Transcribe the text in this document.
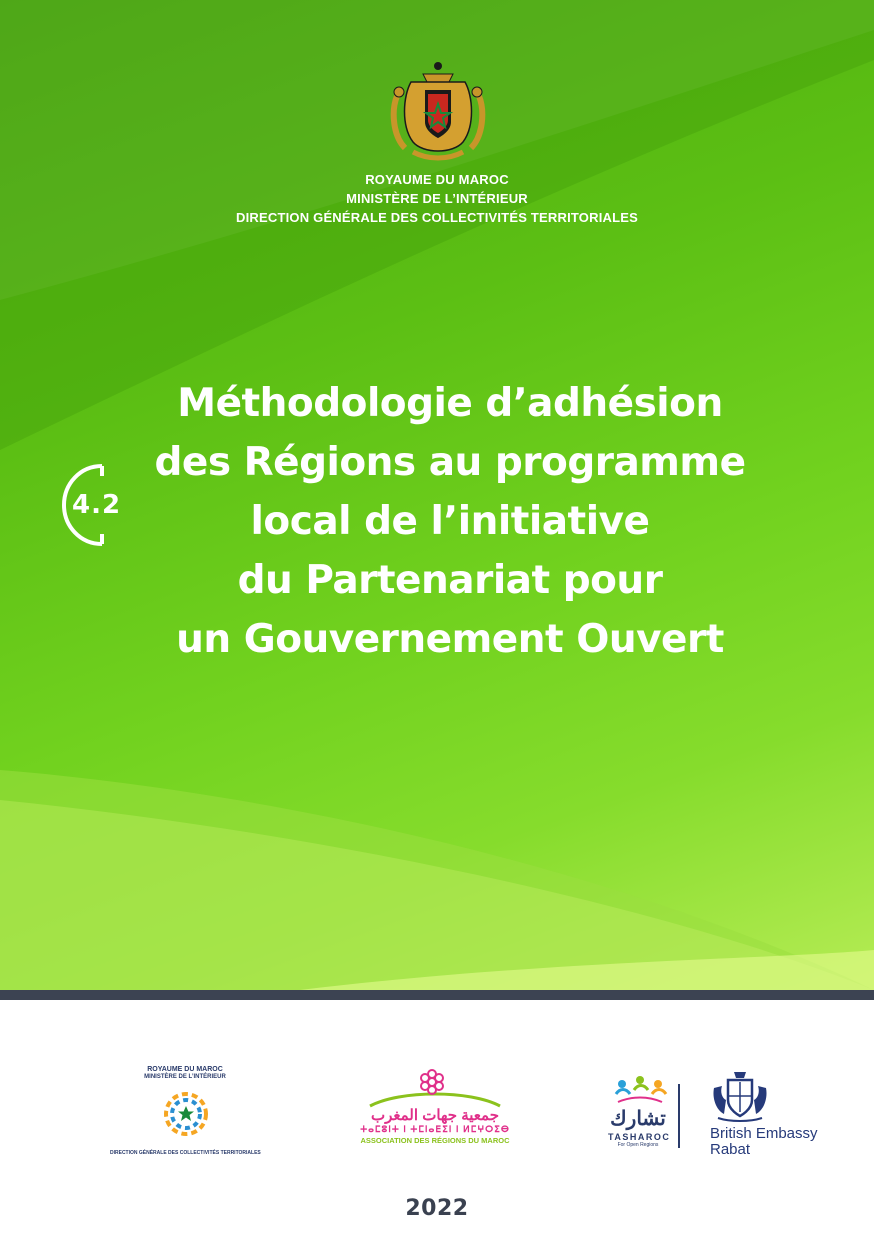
ROYAUME DU MAROC
MINISTÈRE DE L’INTÉRIEUR
DIRECTION GÉNÉRALE DES COLLECTIVITÉS TERRITORIALES
4.2
Méthodologie d’adhésion
des Régions au programme
local de l’initiative
du Partenariat pour
un Gouvernement Ouvert
ROYAUME DU MAROC
MINISTÈRE DE L’INTÉRIEUR
DIRECTION GÉNÉRALE DES COLLECTIVITÉS TERRITORIALES
جمعية جهات المغرب
ⵜⴰⵎⵓⵏⵜ ⵏ ⵜⵎⵏⴰⴹⵉⵏ ⵏ ⵍⵎⵖⵔⵉⴱ
ASSOCIATION DES RÉGIONS DU MAROC
تشارك
TASHAROC
For Open Regions
British Embassy
Rabat
2022
